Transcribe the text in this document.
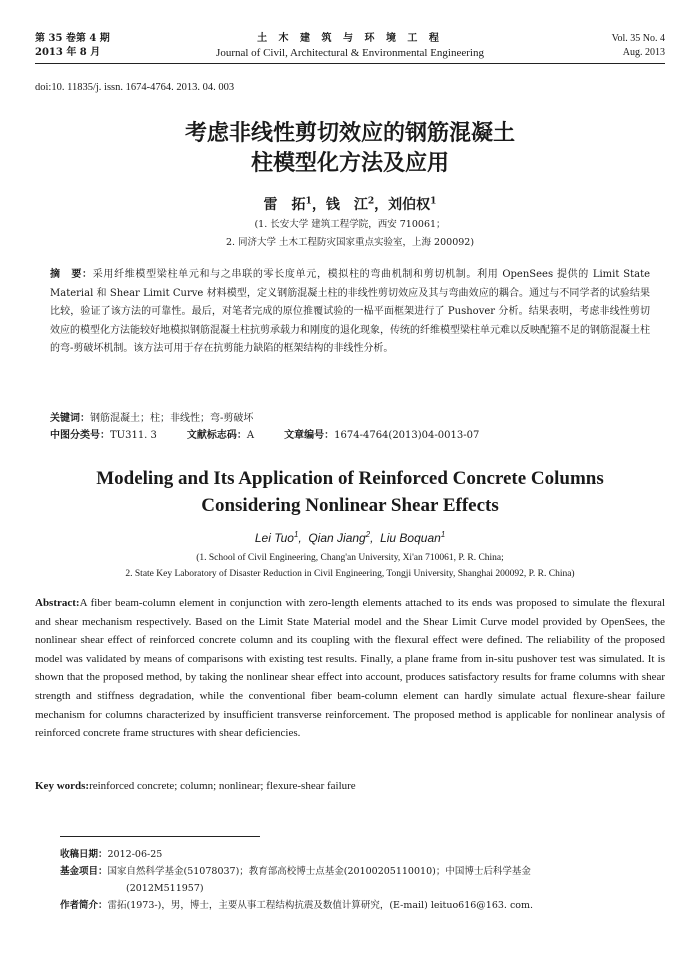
第 35 卷第 4 期
2013 年 8 月
土 木 建 筑 与 环 境 工 程
Journal of Civil, Architectural & Environmental Engineering
Vol. 35 No. 4
Aug. 2013
doi:10. 11835/j. issn. 1674-4764. 2013. 04. 003
考虑非线性剪切效应的钢筋混凝土
柱模型化方法及应用
雷　拓$^1$，钱　江$^2$，刘伯权$^1$
(1. 长安大学 建筑工程学院，西安 710061；
2. 同济大学 土木工程防灾国家重点实验室，上海 200092)
摘　要：采用纤维模型梁柱单元和与之串联的零长度单元，模拟柱的弯曲机制和剪切机制。利用 OpenSees 提供的 Limit State Material 和 Shear Limit Curve 材料模型，定义钢筋混凝土柱的非线性剪切效应及其与弯曲效应的耦合。通过与不同学者的试验结果比较，验证了该方法的可靠性。最后，对笔者完成的原位推覆试验的一榀平面框架进行了 Pushover 分析。结果表明，考虑非线性剪切效应的模型化方法能较好地模拟钢筋混凝土柱抗剪承载力和刚度的退化现象，传统的纤维模型梁柱单元难以反映配箍不足的钢筋混凝土柱的弯-剪破坏机制。该方法可用于存在抗剪能力缺陷的框架结构的非线性分析。
关键词：钢筋混凝土；柱；非线性；弯-剪破坏
中图分类号：TU311. 3	文献标志码：A	文章编号：1674-4764(2013)04-0013-07
Modeling and Its Application of Reinforced Concrete Columns
Considering Nonlinear Shear Effects
Lei Tuo$^1$,  Qian Jiang$^2$,  Liu Boquan$^1$
(1. School of Civil Engineering, Chang'an University, Xi'an 710061, P. R. China;
2. State Key Laboratory of Disaster Reduction in Civil Engineering, Tongji University, Shanghai 200092, P. R. China)
Abstract:A fiber beam-column element in conjunction with zero-length elements attached to its ends was proposed to simulate the flexural and shear mechanism respectively. Based on the Limit State Material model and the Shear Limit Curve model provided by OpenSees, the nonlinear shear effect of reinforced concrete column and its coupling with the flexural effect were defined. The reliability of the proposed model was validated by means of comparisons with existing test results. Finally, a plane frame from in-situ pushover test was simulated. It is shown that the proposed method, by taking the nonlinear shear effect into account, produces satisfactory results for frame columns with shear strength and stiffness degradation, while the conventional fiber beam-column element can hardly simulate actual flexure-shear failure mechanism for columns characterized by insufficient transverse reinforcement. The proposed method is applicable for nonlinear analysis of reinforced concrete frame structures with shear deficiencies.
Key words:reinforced concrete; column; nonlinear; flexure-shear failure
收稿日期：2012-06-25
基金项目：国家自然科学基金(51078037)；教育部高校博士点基金(20100205110010)；中国博士后科学基金
(2012M511957)
作者简介：雷拓(1973-)，男，博士，主要从事工程结构抗震及数值计算研究，(E-mail) leituo616@163. com.
